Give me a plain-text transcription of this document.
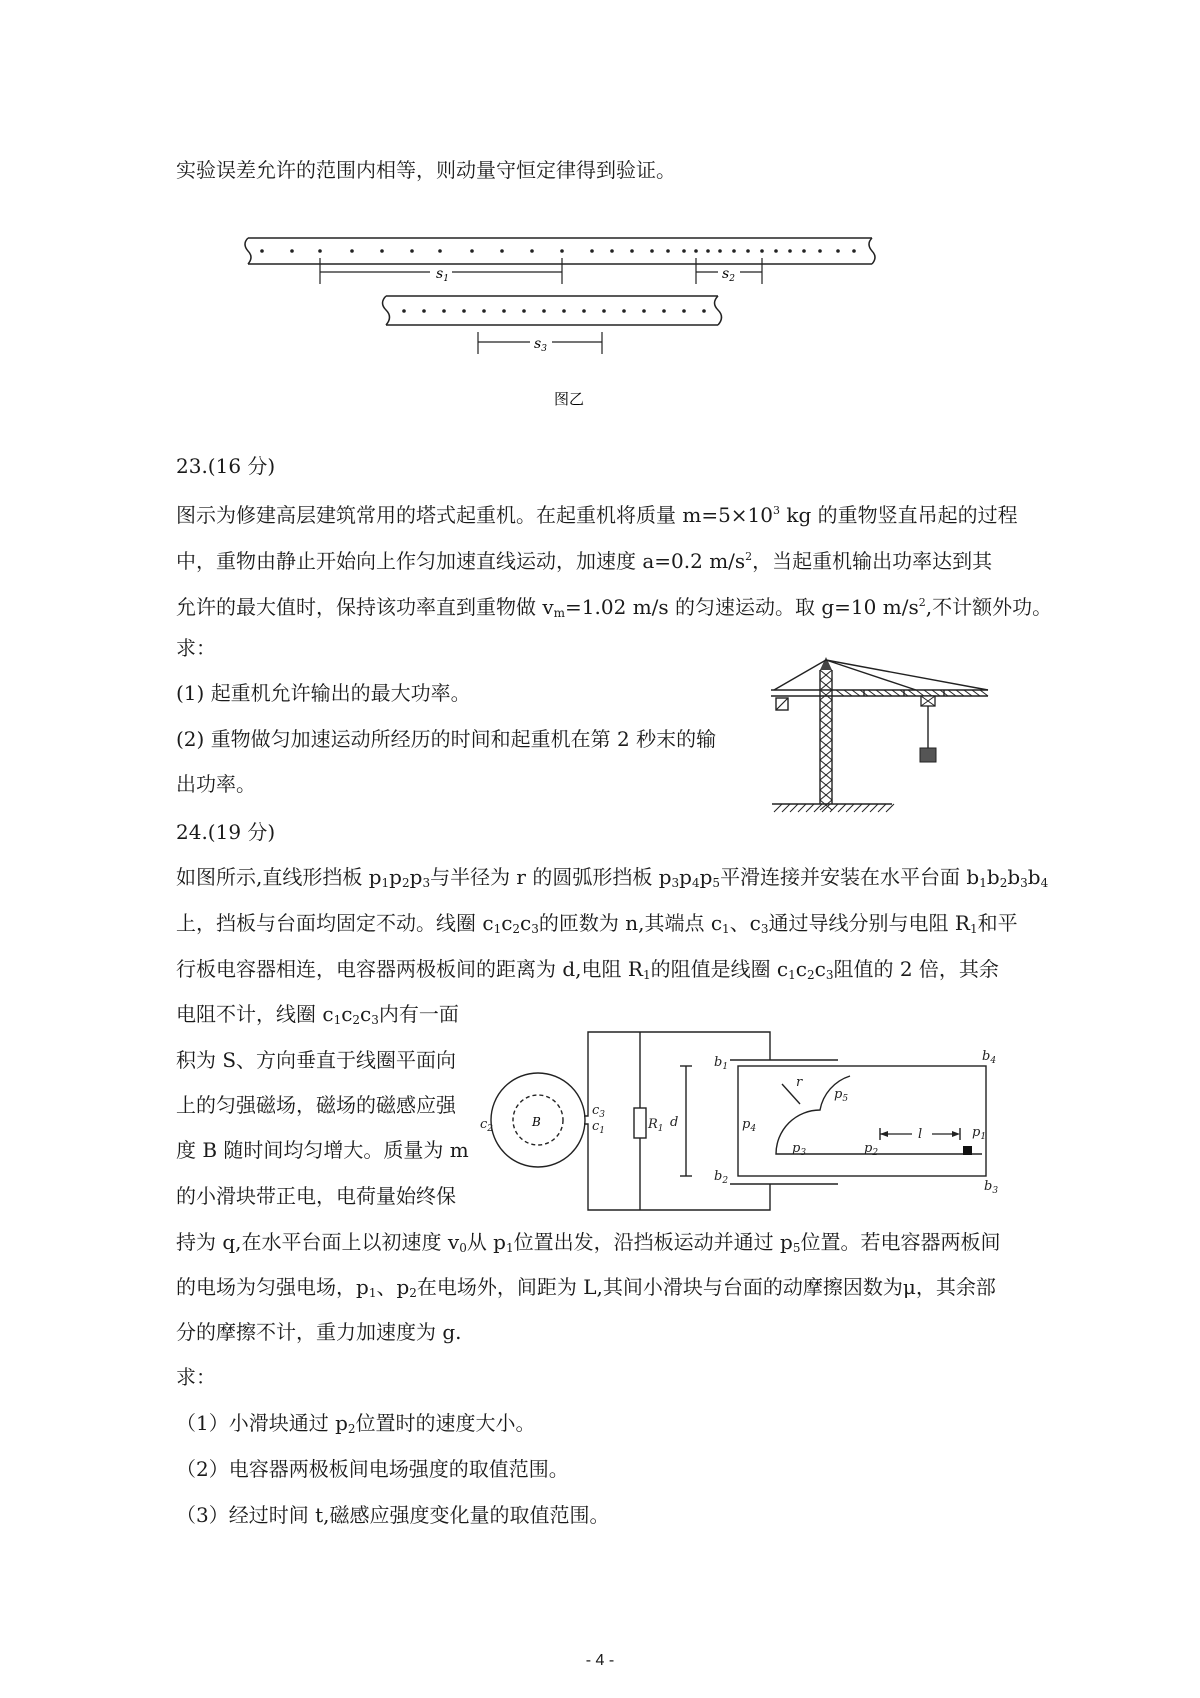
实验误差允许的范围内相等，则动量守恒定律得到验证。
$s_1$	$s_2$
$s_3$
图乙
23.(16 分)
图示为修建高层建筑常用的塔式起重机。在起重机将质量 $m=5\times 10^3$ kg 的重物竖直吊起的过程
中，重物由静止开始向上作匀加速直线运动，加速度 a=0.2 $m/s^2$，当起重机输出功率达到其
允许的最大值时，保持该功率直到重物做 $v_m=1.02$ m/s 的匀速运动。取 g=10 $m/s^2$,不计额外功。
求：
(1) 起重机允许输出的最大功率。
(2) 重物做匀加速运动所经历的时间和起重机在第 2 秒末的输
出功率。
24.(19 分)
如图所示,直线形挡板 $p_1p_2p_3$与半径为 r 的圆弧形挡板 $p_3p_4p_5$平滑连接并安装在水平台面 $b_1b_2b_3b_4$
上，挡板与台面均固定不动。线圈 $c_1c_2c_3$的匝数为 n,其端点 $c_1$、$c_3$通过导线分别与电阻 $R_1$和平
行板电容器相连，电容器两极板间的距离为 d,电阻 $R_1$的阻值是线圈 $c_1c_2c_3$阻值的 2 倍，其余
电阻不计，线圈 $c_1c_2c_3$内有一面
积为 S、方向垂直于线圈平面向
上的匀强磁场，磁场的磁感应强
度 B 随时间均匀增大。质量为 m
的小滑块带正电，电荷量始终保
持为 q,在水平台面上以初速度 $v_0$从 $p_1$位置出发，沿挡板运动并通过 $p_5$位置。若电容器两板间
的电场为匀强电场，$p_1$、$p_2$在电场外，间距为 L,其间小滑块与台面的动摩擦因数为μ，其余部
分的摩擦不计，重力加速度为 g.
求：
（1）小滑块通过 $p_2$位置时的速度大小。
（2）电容器两极板间电场强度的取值范围。
（3）经过时间 t,磁感应强度变化量的取值范围。
B
$c_2$
$c_3$
$c_1$	$R_1$ d
$b_1$
$b_2$	$b_3$
$b_4$
r
$p_5$
$p_4$
$p_3$	$p_2$
$p_1$
l
- 4 -
